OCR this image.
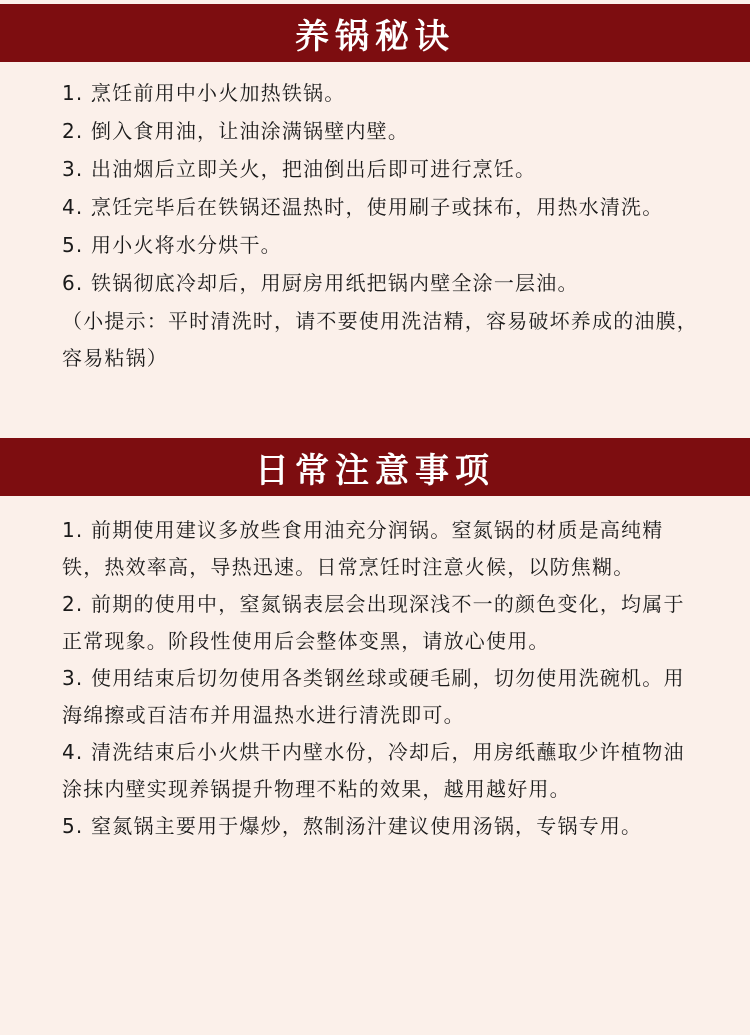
养锅秘诀

1. 烹饪前用中小火加热铁锅。

2. 倒入食用油，让油涂满锅壁内壁。

3. 出油烟后立即关火，把油倒出后即可进行烹饪。

4. 烹饪完毕后在铁锅还温热时，使用刷子或抹布，用热水清洗。

5. 用小火将水分烘干。

6. 铁锅彻底冷却后，用厨房用纸把锅内壁全涂一层油。

（小提示：平时清洗时，请不要使用洗洁精，容易破坏养成的油膜，容易粘锅）

日常注意事项

1. 前期使用建议多放些食用油充分润锅。窒氮锅的材质是高纯精铁，热效率高，导热迅速。日常烹饪时注意火候，以防焦糊。

2. 前期的使用中，窒氮锅表层会出现深浅不一的颜色变化，均属于正常现象。阶段性使用后会整体变黑，请放心使用。

3. 使用结束后切勿使用各类钢丝球或硬毛刷，切勿使用洗碗机。用海绵擦或百洁布并用温热水进行清洗即可。

4. 清洗结束后小火烘干内壁水份，冷却后，用房纸蘸取少许植物油涂抹内壁实现养锅提升物理不粘的效果，越用越好用。

5. 窒氮锅主要用于爆炒，熬制汤汁建议使用汤锅，专锅专用。
